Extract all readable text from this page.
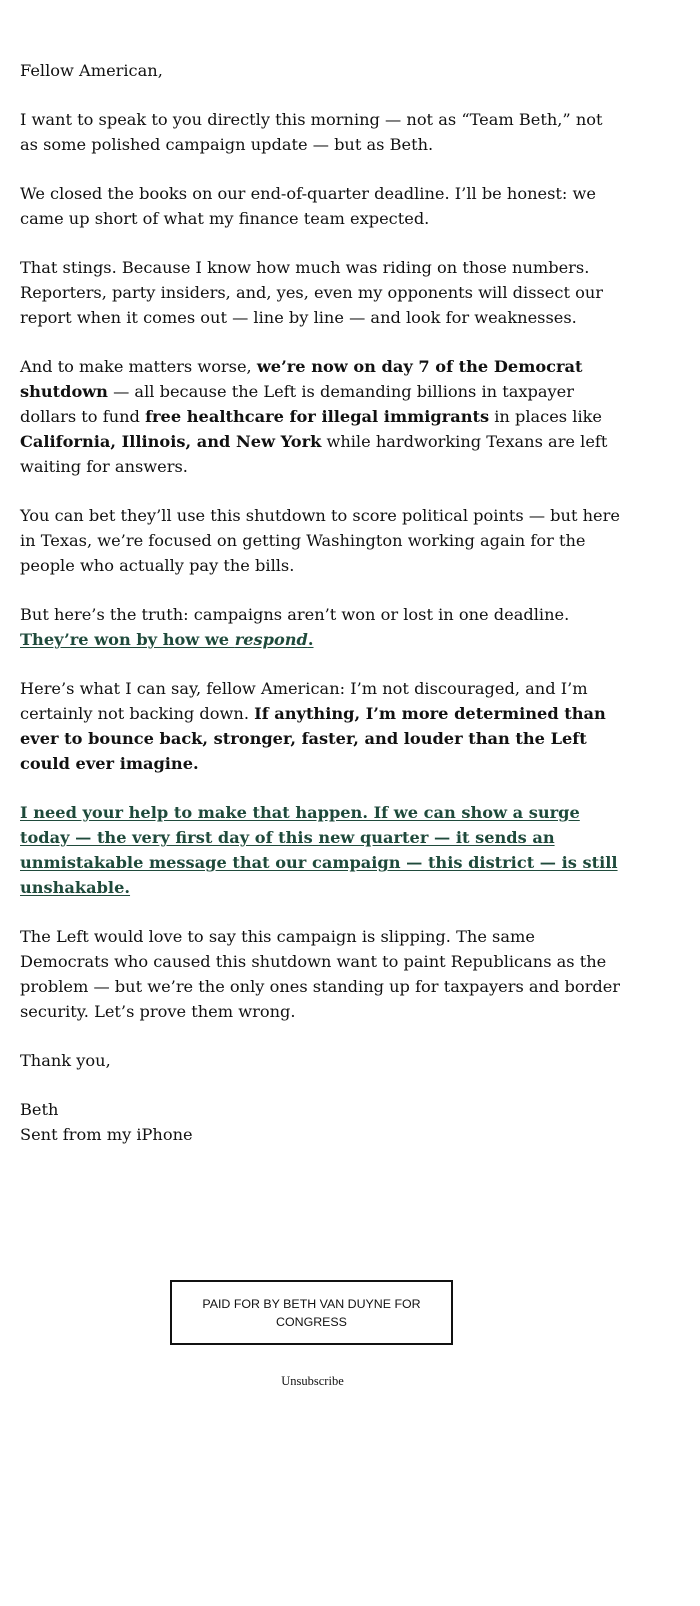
Fellow American,

I want to speak to you directly this morning — not as “Team Beth,” not as some polished campaign update — but as Beth.

We closed the books on our end-of-quarter deadline. I’ll be honest: we came up short of what my finance team expected.

That stings. Because I know how much was riding on those numbers. Reporters, party insiders, and, yes, even my opponents will dissect our report when it comes out — line by line — and look for weaknesses.

And to make matters worse, we’re now on day 7 of the Democrat shutdown — all because the Left is demanding billions in taxpayer dollars to fund free healthcare for illegal immigrants in places like California, Illinois, and New York while hardworking Texans are left waiting for answers.

You can bet they’ll use this shutdown to score political points — but here in Texas, we’re focused on getting Washington working again for the people who actually pay the bills.

But here’s the truth: campaigns aren’t won or lost in one deadline.
They’re won by how we respond.

Here’s what I can say, fellow American: I’m not discouraged, and I’m certainly not backing down. If anything, I’m more determined than ever to bounce back, stronger, faster, and louder than the Left could ever imagine.

I need your help to make that happen. If we can show a surge today — the very first day of this new quarter — it sends an unmistakable message that our campaign — this district — is still unshakable.

The Left would love to say this campaign is slipping. The same Democrats who caused this shutdown want to paint Republicans as the problem — but we’re the only ones standing up for taxpayers and border security. Let’s prove them wrong.

Thank you,

Beth

Sent from my iPhone

PAID FOR BY BETH VAN DUYNE FOR CONGRESS
Unsubscribe
